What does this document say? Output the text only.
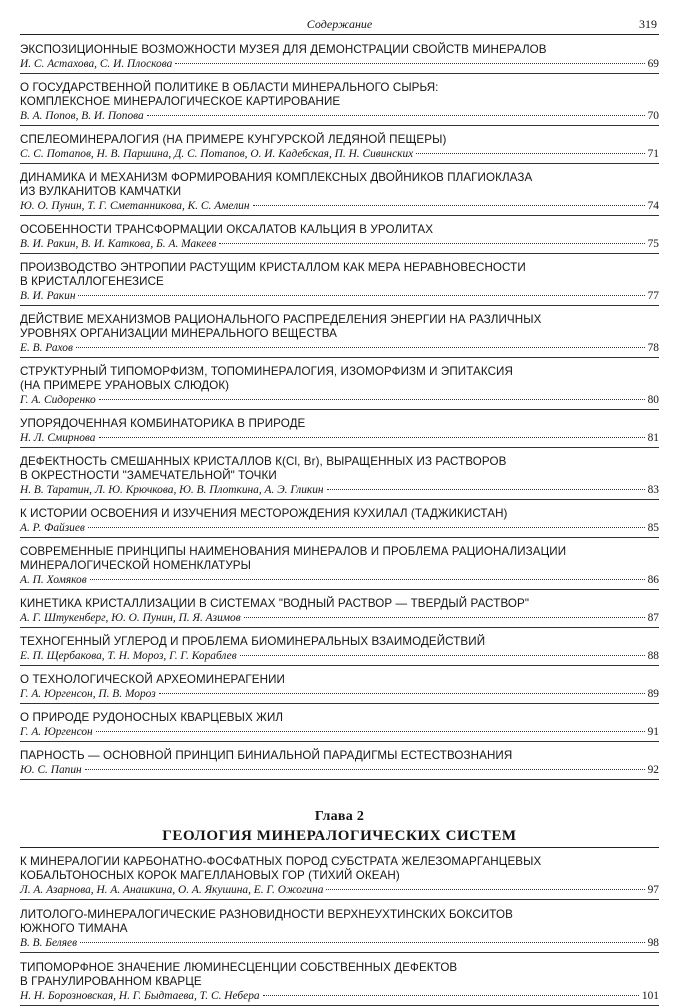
Содержание	319
ЭКСПОЗИЦИОННЫЕ ВОЗМОЖНОСТИ МУЗЕЯ ДЛЯ ДЕМОНСТРАЦИИ СВОЙСТВ МИНЕРАЛОВ
И. С. Астахова, С. И. Плоскова	69
О ГОСУДАРСТВЕННОЙ ПОЛИТИКЕ В ОБЛАСТИ МИНЕРАЛЬНОГО СЫРЬЯ:
КОМПЛЕКСНОЕ МИНЕРАЛОГИЧЕСКОЕ КАРТИРОВАНИЕ
В. А. Попов, В. И. Попова	70
СПЕЛЕОМИНЕРАЛОГИЯ (НА ПРИМЕРЕ КУНГУРСКОЙ ЛЕДЯНОЙ ПЕЩЕРЫ)
С. С. Потапов, Н. В. Паршина, Д. С. Потапов, О. И. Кадебская, П. Н. Сивинских	71
ДИНАМИКА И МЕХАНИЗМ ФОРМИРОВАНИЯ КОМПЛЕКСНЫХ ДВОЙНИКОВ ПЛАГИОКЛАЗА
ИЗ ВУЛКАНИТОВ КАМЧАТКИ
Ю. О. Пунин, Т. Г. Сметанникова, К. С. Амелин	74
ОСОБЕННОСТИ ТРАНСФОРМАЦИИ ОКСАЛАТОВ КАЛЬЦИЯ В УРОЛИТАХ
В. И. Ракин, В. И. Каткова, Б. А. Макеев	75
ПРОИЗВОДСТВО ЭНТРОПИИ РАСТУЩИМ КРИСТАЛЛОМ КАК МЕРА НЕРАВНОВЕСНОСТИ
В КРИСТАЛЛОГЕНЕЗИСЕ
В. И. Ракин	77
ДЕЙСТВИЕ МЕХАНИЗМОВ РАЦИОНАЛЬНОГО РАСПРЕДЕЛЕНИЯ ЭНЕРГИИ НА РАЗЛИЧНЫХ
УРОВНЯХ ОРГАНИЗАЦИИ МИНЕРАЛЬНОГО ВЕЩЕСТВА
Е. В. Рахов	78
СТРУКТУРНЫЙ ТИПОМОРФИЗМ, ТОПОМИНЕРАЛОГИЯ, ИЗОМОРФИЗМ И ЭПИТАКСИЯ
(НА ПРИМЕРЕ УРАНОВЫХ СЛЮДОК)
Г. А. Сидоренко	80
УПОРЯДОЧЕННАЯ КОМБИНАТОРИКА В ПРИРОДЕ
Н. Л. Смирнова	81
ДЕФЕКТНОСТЬ СМЕШАННЫХ КРИСТАЛЛОВ К(Cl, Br), ВЫРАЩЕННЫХ ИЗ РАСТВОРОВ
В ОКРЕСТНОСТИ "ЗАМЕЧАТЕЛЬНОЙ" ТОЧКИ
Н. В. Таратин, Л. Ю. Крючкова, Ю. В. Плоткина, А. Э. Гликин	83
К ИСТОРИИ ОСВОЕНИЯ И ИЗУЧЕНИЯ МЕСТОРОЖДЕНИЯ КУХИЛАЛ (ТАДЖИКИСТАН)
А. Р. Файзиев	85
СОВРЕМЕННЫЕ ПРИНЦИПЫ НАИМЕНОВАНИЯ МИНЕРАЛОВ И ПРОБЛЕМА РАЦИОНАЛИЗАЦИИ
МИНЕРАЛОГИЧЕСКОЙ НОМЕНКЛАТУРЫ
А. П. Хомяков	86
КИНЕТИКА КРИСТАЛЛИЗАЦИИ В СИСТЕМАХ "ВОДНЫЙ РАСТВОР — ТВЕРДЫЙ РАСТВОР"
А. Г. Штукенберг, Ю. О. Пунин, П. Я. Азимов	87
ТЕХНОГЕННЫЙ УГЛЕРОД И ПРОБЛЕМА БИОМИНЕРАЛЬНЫХ ВЗАИМОДЕЙСТВИЙ
Е. П. Щербакова, Т. Н. Мороз, Г. Г. Кораблев	88
О ТЕХНОЛОГИЧЕСКОЙ АРХЕОМИНЕРАГЕНИИ
Г. А. Юргенсон, П. В. Мороз	89
О ПРИРОДЕ РУДОНОСНЫХ КВАРЦЕВЫХ ЖИЛ
Г. А. Юргенсон	91
ПАРНОСТЬ — ОСНОВНОЙ ПРИНЦИП БИНИАЛЬНОЙ ПАРАДИГМЫ ЕСТЕСТВОЗНАНИЯ
Ю. С. Папин	92
Глава 2
ГЕОЛОГИЯ МИНЕРАЛОГИЧЕСКИХ СИСТЕМ
К МИНЕРАЛОГИИ КАРБОНАТНО-ФОСФАТНЫХ ПОРОД СУБСТРАТА ЖЕЛЕЗОМАРГАНЦЕВЫХ
КОБАЛЬТОНОСНЫХ КОРОК МАГЕЛЛАНОВЫХ ГОР (ТИХИЙ ОКЕАН)
Л. А. Азарнова, Н. А. Анашкина, О. А. Якушина, Е. Г. Ожогина	97
ЛИТОЛОГО-МИНЕРАЛОГИЧЕСКИЕ РАЗНОВИДНОСТИ ВЕРХНЕУХТИНСКИХ БОКСИТОВ
ЮЖНОГО ТИМАНА
В. В. Беляев	98
ТИПОМОРФНОЕ ЗНАЧЕНИЕ ЛЮМИНЕСЦЕНЦИИ СОБСТВЕННЫХ ДЕФЕКТОВ
В ГРАНУЛИРОВАННОМ КВАРЦЕ
Н. Н. Борозновская, Н. Г. Быдтаева, Т. С. Небера	101
